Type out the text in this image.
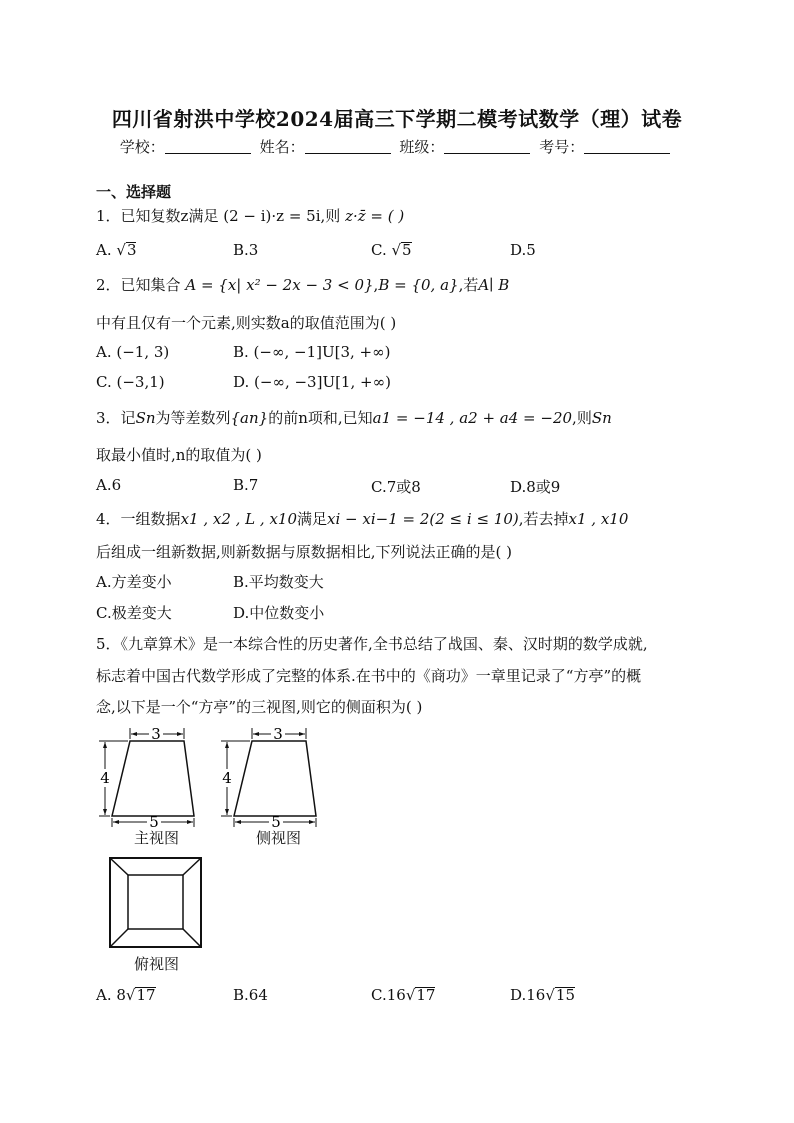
四川省射洪中学校2024届高三下学期二模考试数学（理）试卷
学校：	姓名：	班级：	考号：
一、选择题
1．已知复数z满足 (2 − i)·z = 5i,则 z·z̄ = ( )
A. √3	B.3	C. √5	D.5
2．已知集合 A = {x| x² − 2x − 3 < 0},B = {0, a},若A∣ B
中有且仅有一个元素,则实数a的取值范围为( )
A. (−1, 3)	B. (−∞, −1]U[3, +∞)
C. (−3,1)	D. (−∞, −3]U[1, +∞)
3．记Sn为等差数列{an}的前n项和,已知a1 = −14 , a2 + a4 = −20,则Sn
取最小值时,n的取值为( )
A.6	B.7	C.7或8	D.8或9
4．一组数据x1 , x2 , L , x10满足xi − xi−1 = 2(2 ≤ i ≤ 10),若去掉x1 , x10
后组成一组新数据,则新数据与原数据相比,下列说法正确的是( )
A.方差变小	B.平均数变大
C.极差变大	D.中位数变小
5．《九章算术》是一本综合性的历史著作,全书总结了战国、秦、汉时期的数学成就,
标志着中国古代数学形成了完整的体系.在书中的《商功》一章里记录了“方亭”的概
念,以下是一个“方亭”的三视图,则它的侧面积为( )
3
4
5
主视图
3
4
5
侧视图
俯视图
A. 8√17	B.64	C.16√17	D.16√15
